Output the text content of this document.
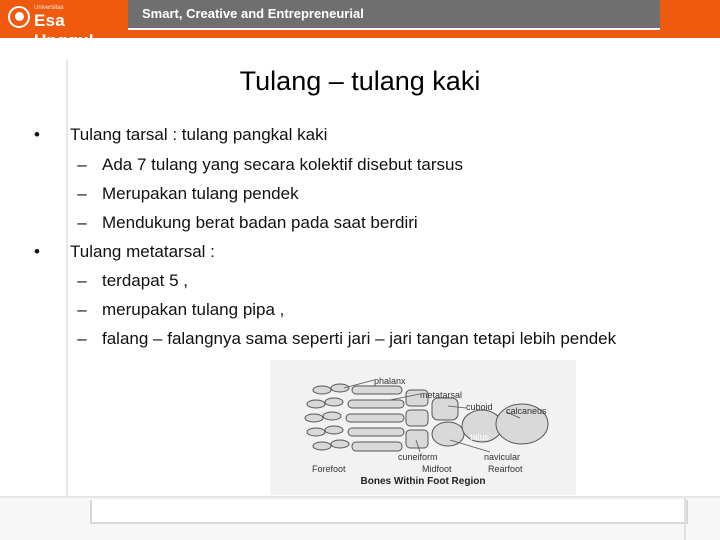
Universitas
Esa Unggul
Smart, Creative and Entrepreneurial
Tulang – tulang kaki
• Tulang tarsal : tulang pangkal kaki
– Ada 7 tulang yang secara kolektif disebut tarsus
– Merupakan tulang pendek
– Mendukung berat badan pada saat berdiri
• Tulang metatarsal :
– terdapat 5 ,
– merupakan tulang pipa ,
– falang – falangnya sama seperti jari – jari tangan tetapi lebih pendek
phalanx
metatarsal
cuboid calcaneus
talus
cuneiform	navicular
Forefoot	Midfoot	Rearfoot
Bones Within Foot Region
